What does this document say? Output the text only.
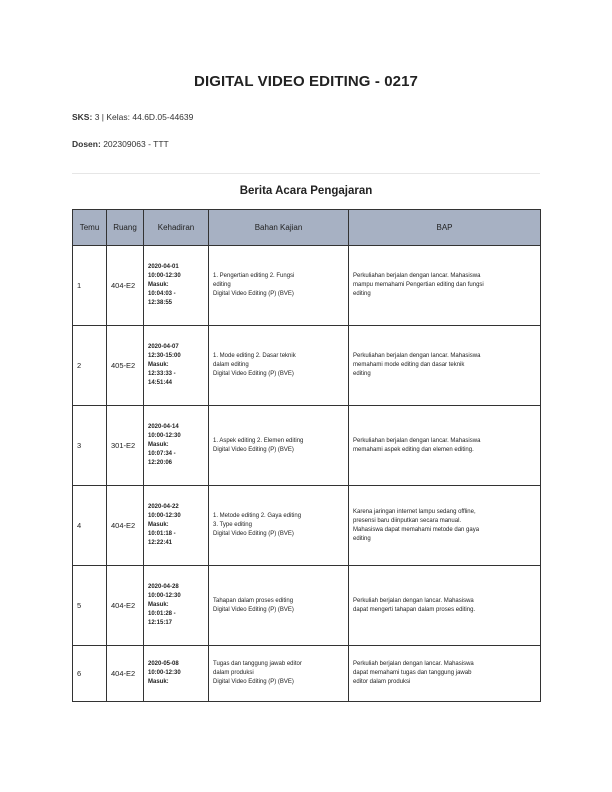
DIGITAL VIDEO EDITING - 0217
SKS: 3 | Kelas: 44.6D.05-44639
Dosen: 202309063 - TTT
Berita Acara Pengajaran
Temu	Ruang	Kehadiran	Bahan Kajian	BAP
1	404-E2	2020-04-01
10:00-12:30
Masuk:
10:04:03 -
12:38:55	1. Pengertian editing 2. Fungsi
editing
Digital Video Editing (P) (BVE)	Perkuliahan berjalan dengan lancar. Mahasiswa
mampu memahami Pengertian editing dan fungsi
editing

2	405-E2	2020-04-07
12:30-15:00
Masuk:
12:33:33 -
14:51:44	1. Mode editing 2. Dasar teknik
dalam editing
Digital Video Editing (P) (BVE)	Perkuliahan berjalan dengan lancar. Mahasiswa
memahami mode editing dan dasar teknik
editing

3	301-E2	2020-04-14
10:00-12:30
Masuk:
10:07:34 -
12:20:06	1. Aspek editing 2. Elemen editing
Digital Video Editing (P) (BVE)	Perkuliahan berjalan dengan lancar. Mahasiswa
memahami aspek editing dan elemen editing.

4	404-E2	2020-04-22
10:00-12:30
Masuk:
10:01:18 -
12:22:41	1. Metode editing 2. Gaya editing
3. Type editing
Digital Video Editing (P) (BVE)	Karena jaringan internet lampu sedang offline,
presensi baru diinputkan secara manual.
Mahasiswa dapat memahami metode dan gaya
editing

5	404-E2	2020-04-28
10:00-12:30
Masuk:
10:01:28 -
12:15:17	Tahapan dalam proses editing
Digital Video Editing (P) (BVE)	Perkuliah berjalan dengan lancar. Mahasiswa
dapat mengerti tahapan dalam proses editing.

6	404-E2	2020-05-08
10:00-12:30
Masuk:	Tugas dan tanggung jawab editor
dalam produksi
Digital Video Editing (P) (BVE)	Perkuliah berjalan dengan lancar. Mahasiswa
dapat memahami tugas dan tanggung jawab
editor dalam produksi
